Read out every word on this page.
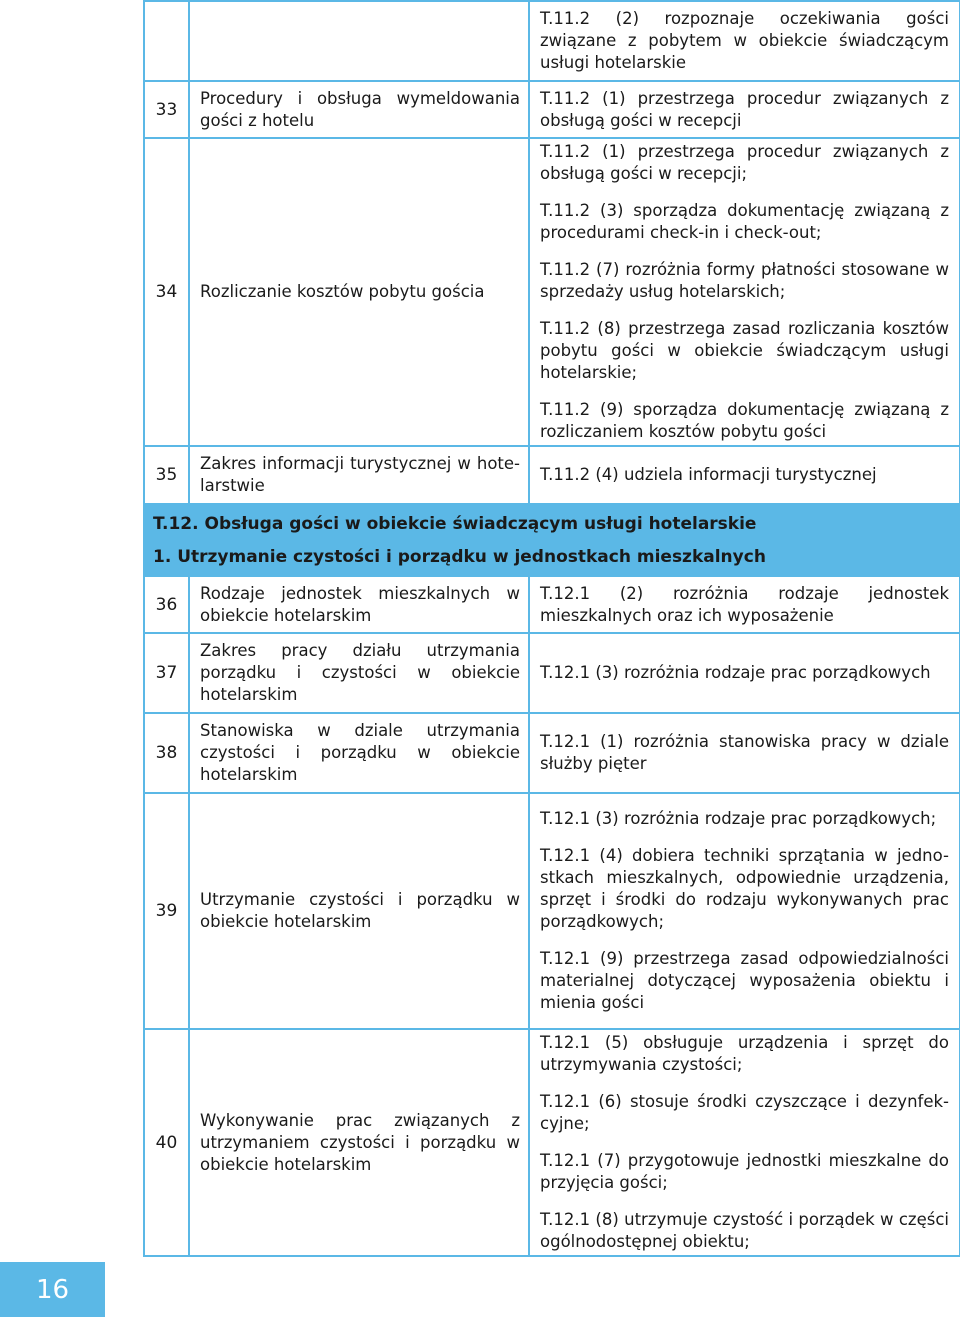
		T.11.2 (2) rozpoznaje oczekiwania gości związane z pobytem w obiekcie świadczącym usługi hotelarskie

33	Procedury i obsługa wymeldowania gości z hotelu	T.11.2 (1) przestrzega procedur związanych z obsługą gości w recepcji

34	Rozliczanie kosztów pobytu gościa	T.11.2 (1) przestrzega procedur związanych z obsługą gości w recepcji;
T.11.2 (3) sporządza dokumentację związaną z procedurami check-in i check-out;
T.11.2 (7) rozróżnia formy płatności stosowane w sprzedaży usług hotelarskich;
T.11.2 (8) przestrzega zasad rozliczania kosztów pobytu gości w obiekcie świadczącym usługi hotelarskie;
T.11.2 (9) sporządza dokumentację związaną z rozliczaniem kosztów pobytu gości

35	Zakres informacji turystycznej w hote-larstwie	T.11.2 (4) udziela informacji turystycznej

T.12. Obsługa gości w obiekcie świadczącym usługi hotelarskie		
1. Utrzymanie czystości i porządku w jednostkach mieszkalnych		
36	Rodzaje jednostek mieszkalnych w obiekcie hotelarskim	T.12.1 (2) rozróżnia rodzaje jednostek mieszkalnych oraz ich wyposażenie

37	Zakres pracy działu utrzymania porządku i czystości w obiekcie hotelarskim	T.12.1 (3) rozróżnia rodzaje prac porządkowych

38	Stanowiska w dziale utrzymania czystości i porządku w obiekcie hotelarskim	T.12.1 (1) rozróżnia stanowiska pracy w dziale służby pięter

39	Utrzymanie czystości i porządku w obiekcie hotelarskim	T.12.1 (3) rozróżnia rodzaje prac porządkowych;
T.12.1 (4) dobiera techniki sprzątania w jedno-stkach mieszkalnych, odpowiednie urządzenia, sprzęt i środki do rodzaju wykonywanych prac porządkowych;
T.12.1 (9) przestrzega zasad odpowiedzialności materialnej dotyczącej wyposażenia obiektu i mienia gości

40	Wykonywanie prac związanych z utrzymaniem czystości i porządku w obiekcie hotelarskim	T.12.1 (5) obsługuje urządzenia i sprzęt do utrzymywania czystości;
T.12.1 (6) stosuje środki czyszczące i dezynfek-cyjne;
T.12.1 (7) przygotowuje jednostki mieszkalne do przyjęcia gości;
T.12.1 (8) utrzymuje czystość i porządek w części ogólnodostępnej obiektu;
16
